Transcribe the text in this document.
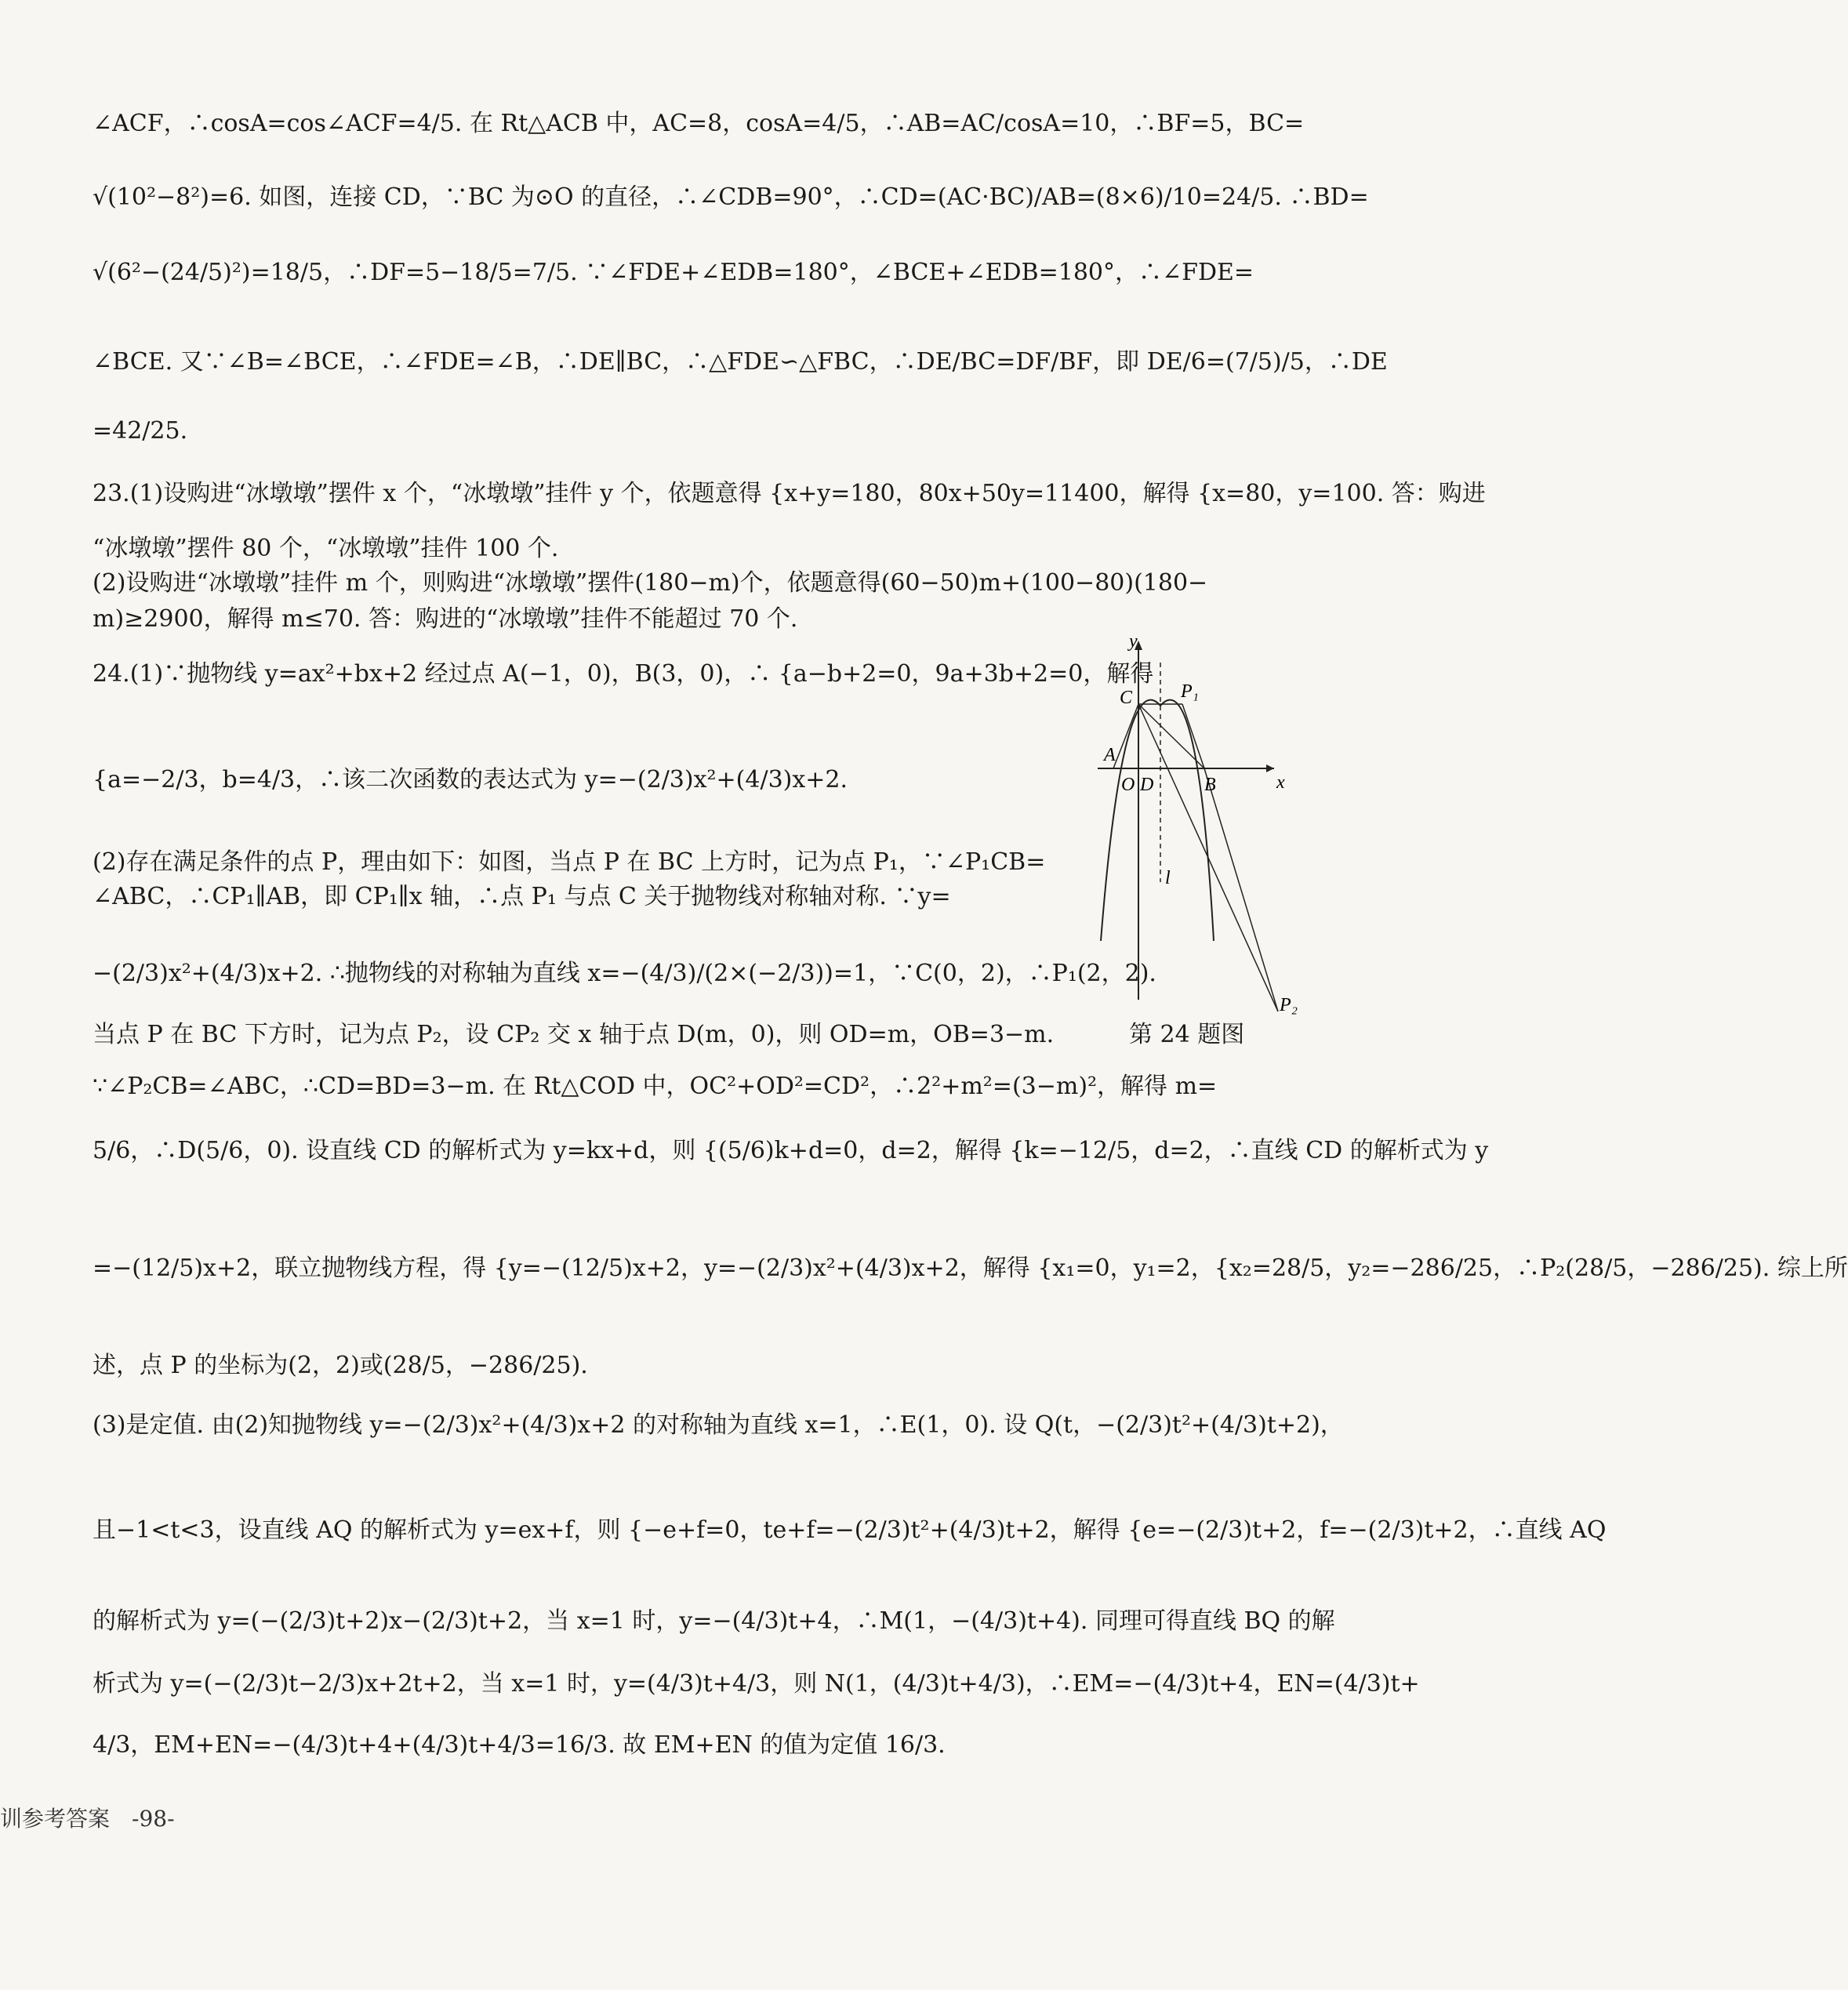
∠ACF，∴cosA=cos∠ACF=4/5. 在 Rt△ACB 中，AC=8，cosA=4/5，∴AB=AC/cosA=10，∴BF=5，BC=
√(10²−8²)=6. 如图，连接 CD，∵BC 为⊙O 的直径，∴∠CDB=90°，∴CD=(AC·BC)/AB=(8×6)/10=24/5. ∴BD=
√(6²−(24/5)²)=18/5，∴DF=5−18/5=7/5. ∵∠FDE+∠EDB=180°，∠BCE+∠EDB=180°，∴∠FDE=
∠BCE. 又∵∠B=∠BCE，∴∠FDE=∠B，∴DE∥BC，∴△FDE∽△FBC，∴DE/BC=DF/BF，即 DE/6=(7/5)/5，∴DE
=42/25.
23.(1)设购进“冰墩墩”摆件 x 个，“冰墩墩”挂件 y 个，依题意得 {x+y=180，80x+50y=11400，解得 {x=80，y=100. 答：购进
“冰墩墩”摆件 80 个，“冰墩墩”挂件 100 个.
(2)设购进“冰墩墩”挂件 m 个，则购进“冰墩墩”摆件(180−m)个，依题意得(60−50)m+(100−80)(180−
m)≥2900，解得 m≤70. 答：购进的“冰墩墩”挂件不能超过 70 个.
24.(1)∵抛物线 y=ax²+bx+2 经过点 A(−1，0)，B(3，0)，∴ {a−b+2=0，9a+3b+2=0，解得
{a=−2/3，b=4/3，∴该二次函数的表达式为 y=−(2/3)x²+(4/3)x+2.
(2)存在满足条件的点 P，理由如下：如图，当点 P 在 BC 上方时，记为点 P₁，∵∠P₁CB=
∠ABC，∴CP₁∥AB，即 CP₁∥x 轴，∴点 P₁ 与点 C 关于抛物线对称轴对称. ∵y=
−(2/3)x²+(4/3)x+2. ∴抛物线的对称轴为直线 x=−(4/3)/(2×(−2/3))=1，∵C(0，2)，∴P₁(2，2).
当点 P 在 BC 下方时，记为点 P₂，设 CP₂ 交 x 轴于点 D(m，0)，则 OD=m，OB=3−m.
∵∠P₂CB=∠ABC，∴CD=BD=3−m. 在 Rt△COD 中，OC²+OD²=CD²，∴2²+m²=(3−m)²，解得 m=
5/6，∴D(5/6，0). 设直线 CD 的解析式为 y=kx+d，则 {(5/6)k+d=0，d=2，解得 {k=−12/5，d=2，∴直线 CD 的解析式为 y
=−(12/5)x+2，联立抛物线方程，得 {y=−(12/5)x+2，y=−(2/3)x²+(4/3)x+2，解得 {x₁=0，y₁=2，{x₂=28/5，y₂=−286/25，∴P₂(28/5，−286/25). 综上所
述，点 P 的坐标为(2，2)或(28/5，−286/25).
(3)是定值. 由(2)知抛物线 y=−(2/3)x²+(4/3)x+2 的对称轴为直线 x=1，∴E(1，0). 设 Q(t，−(2/3)t²+(4/3)t+2)，
且−1<t<3，设直线 AQ 的解析式为 y=ex+f，则 {−e+f=0，te+f=−(2/3)t²+(4/3)t+2，解得 {e=−(2/3)t+2，f=−(2/3)t+2，∴直线 AQ
的解析式为 y=(−(2/3)t+2)x−(2/3)t+2，当 x=1 时，y=−(4/3)t+4，∴M(1，−(4/3)t+4). 同理可得直线 BQ 的解
析式为 y=(−(2/3)t−2/3)x+2t+2，当 x=1 时，y=(4/3)t+4/3，则 N(1，(4/3)t+4/3)，∴EM=−(4/3)t+4，EN=(4/3)t+
4/3，EM+EN=−(4/3)t+4+(4/3)t+4/3=16/3. 故 EM+EN 的值为定值 16/3.
y
x
C	P₁
A
O D	B
l
P₂
第 24 题图
训参考答案　-98-
